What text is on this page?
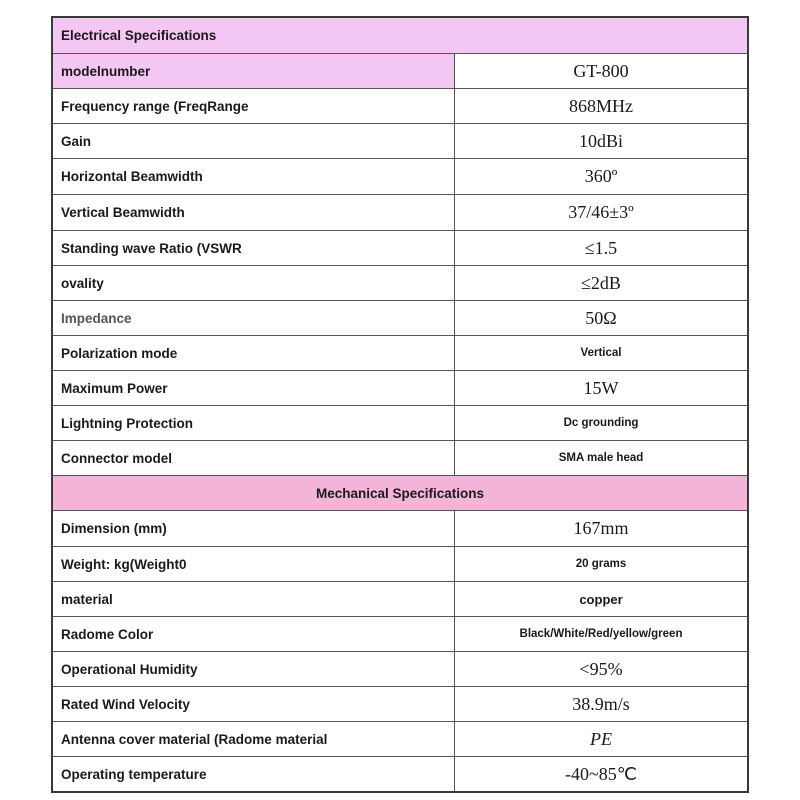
Electrical Specifications
modelnumber	GT-800
Frequency range (FreqRange	868MHz
Gain	10dBi
Horizontal Beamwidth	360º
Vertical Beamwidth	37/46±3º
Standing wave Ratio (VSWR	≤1.5
ovality	≤2dB
Impedance	50Ω
Polarization mode	Vertical
Maximum Power	15W
Lightning Protection	Dc grounding
Connector model	SMA male head
Mechanical Specifications
Dimension (mm)	167mm
Weight: kg(Weight0	20 grams
material	copper
Radome Color	Black/White/Red/yellow/green
Operational Humidity	<95%
Rated Wind Velocity	38.9m/s
Antenna cover material (Radome material	PE
Operating temperature	-40~85℃
